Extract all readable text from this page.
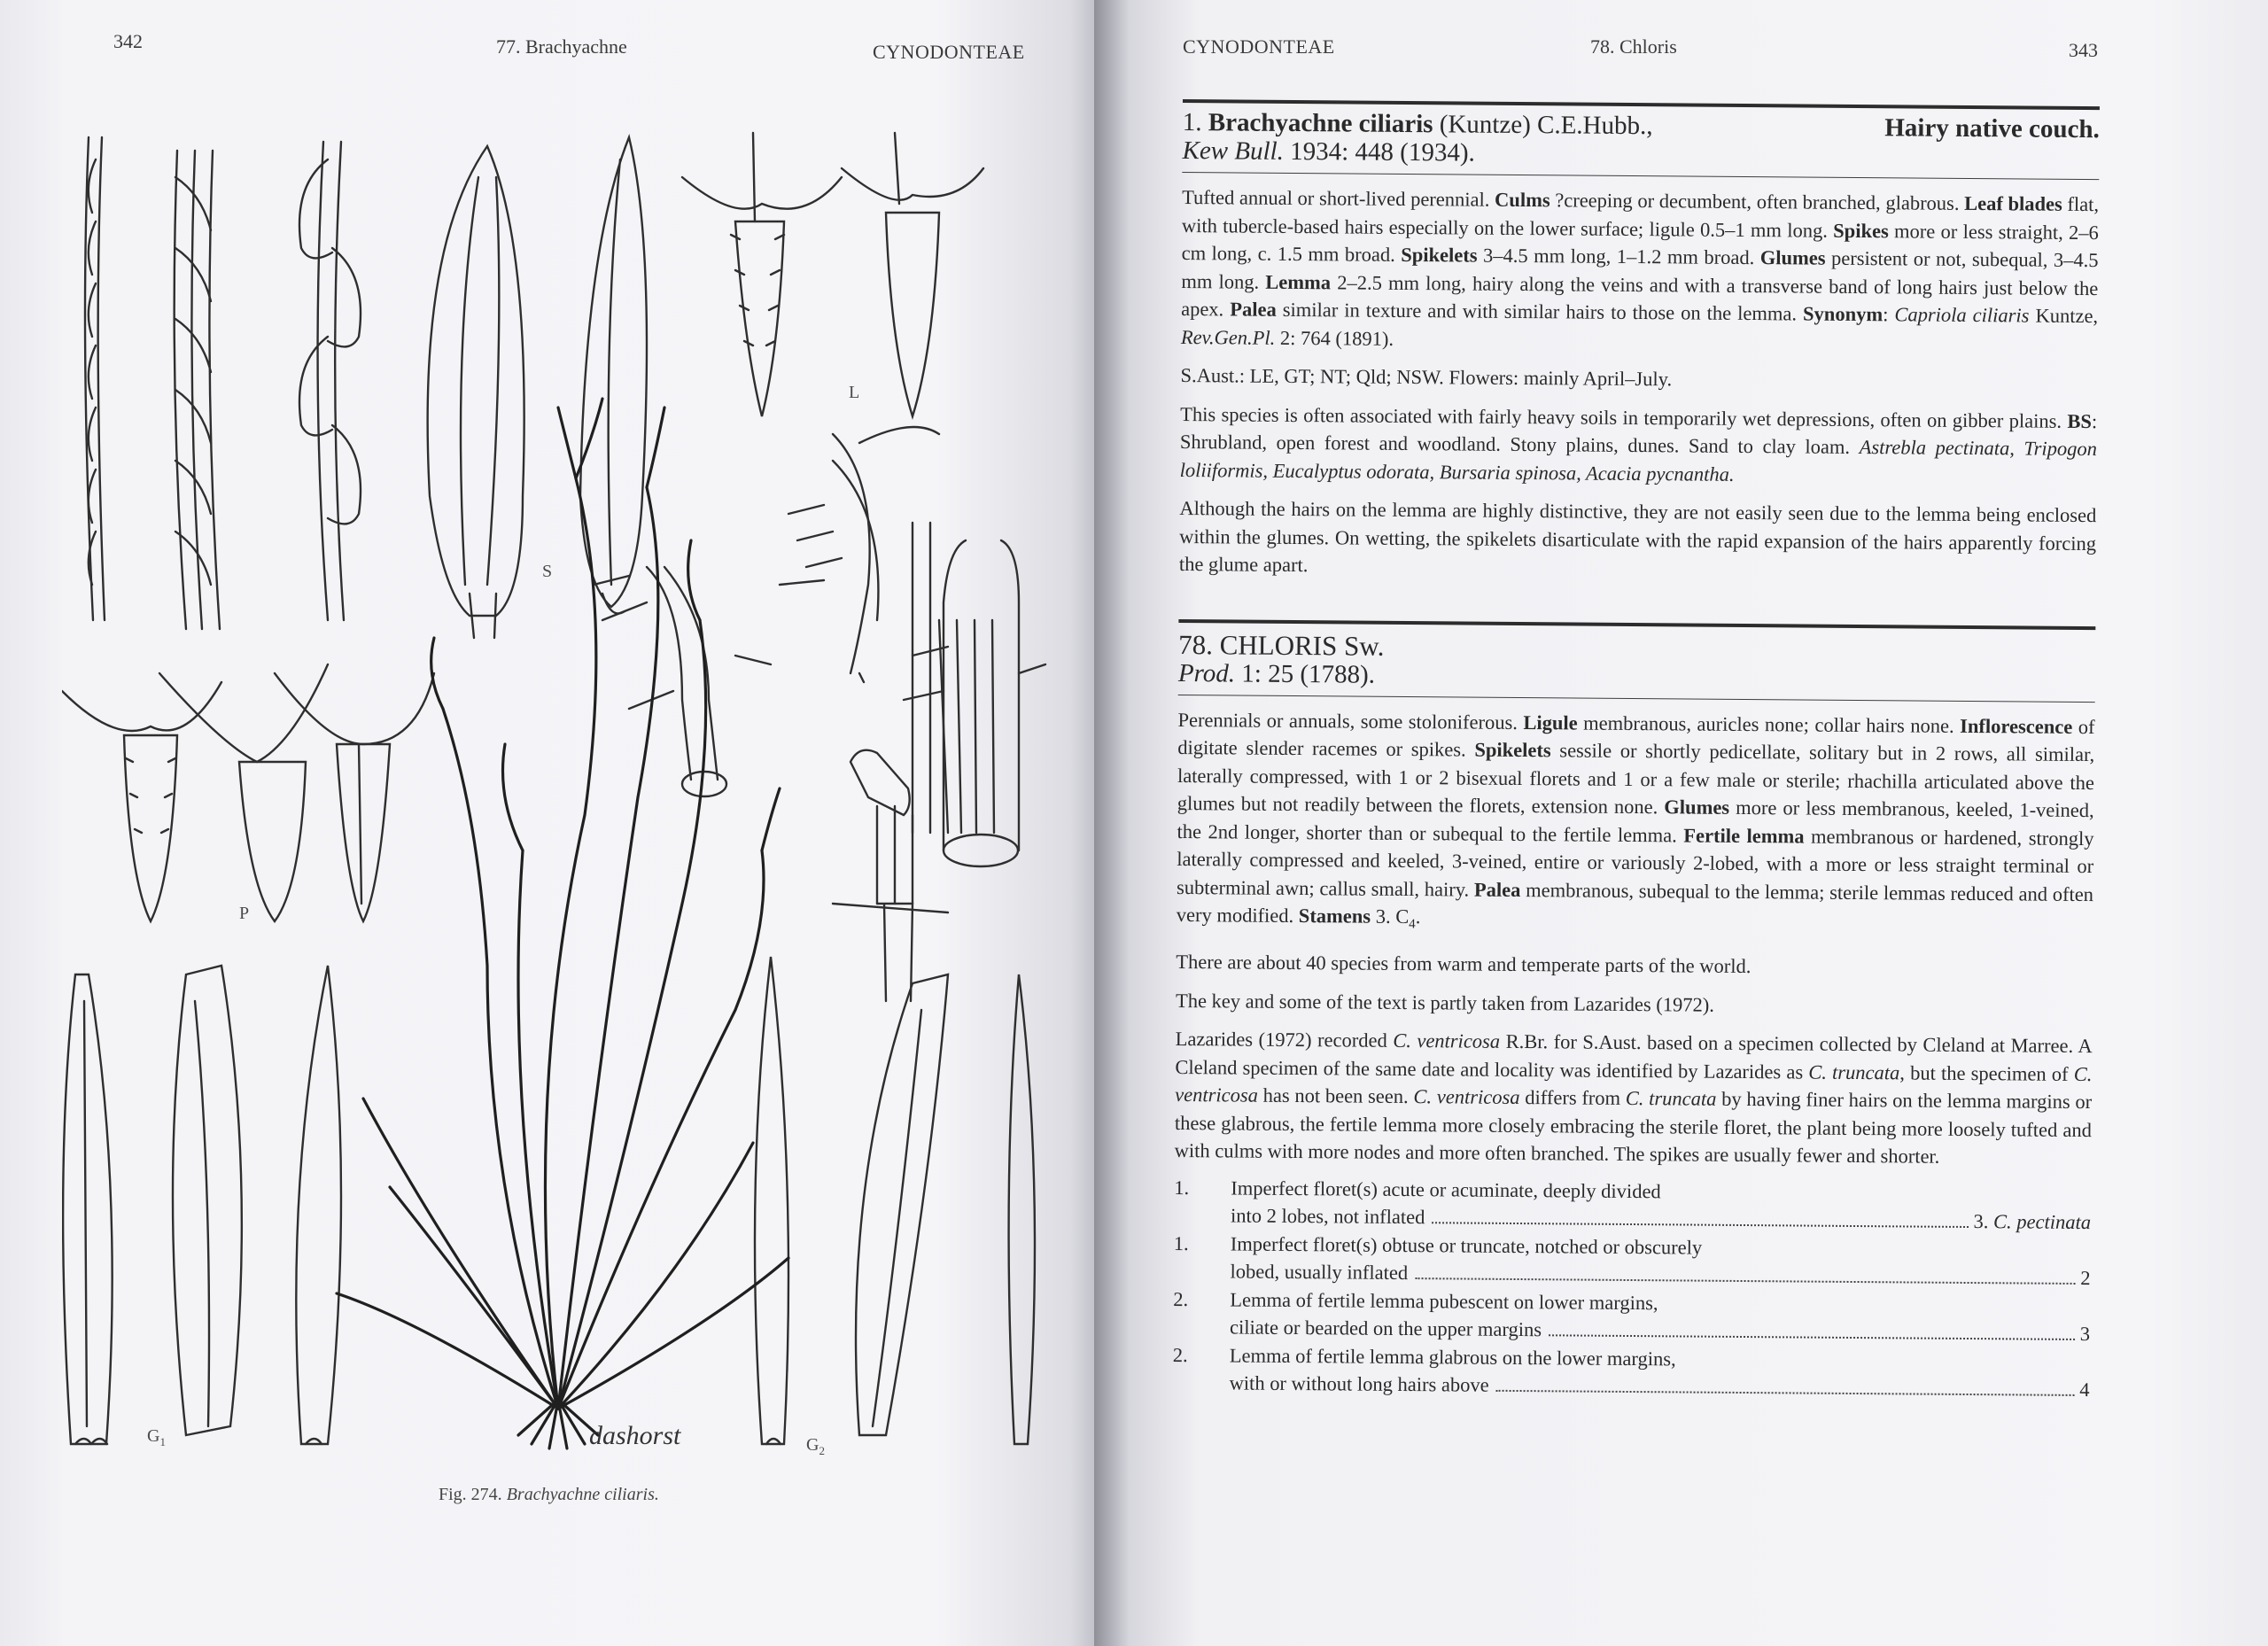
342	77. Brachyachne	CYNODONTEAE
dashorst
S
L
P
$G_1$	$G_2$
Fig. 274. Brachyachne ciliaris.
CYNODONTEAE	78. Chloris	343
1. Brachyachne ciliaris (Kuntze) C.E.Hubb.,	Hairy native couch.
Kew Bull. 1934: 448 (1934).

Tufted annual or short-lived perennial. Culms ?creeping or decumbent, often branched, glabrous. Leaf blades flat, with tubercle-based hairs especially on the lower surface; ligule 0.5–1 mm long. Spikes more or less straight, 2–6 cm long, c. 1.5 mm broad. Spikelets 3–4.5 mm long, 1–1.2 mm broad. Glumes persistent or not, subequal, 3–4.5 mm long. Lemma 2–2.5 mm long, hairy along the veins and with a transverse band of long hairs just below the apex. Palea similar in texture and with similar hairs to those on the lemma. Synonym: Capriola ciliaris Kuntze, Rev.Gen.Pl. 2: 764 (1891).

S.Aust.: LE, GT; NT; Qld; NSW. Flowers: mainly April–July.

This species is often associated with fairly heavy soils in temporarily wet depressions, often on gibber plains. BS: Shrubland, open forest and woodland. Stony plains, dunes. Sand to clay loam. Astrebla pectinata, Tripogon loliiformis, Eucalyptus odorata, Bursaria spinosa, Acacia pycnantha.

Although the hairs on the lemma are highly distinctive, they are not easily seen due to the lemma being enclosed within the glumes. On wetting, the spikelets disarticulate with the rapid expansion of the hairs apparently forcing the glume apart.

78. CHLORIS Sw.
Prod. 1: 25 (1788).

Perennials or annuals, some stoloniferous. Ligule membranous, auricles none; collar hairs none. Inflorescence of digitate slender racemes or spikes. Spikelets sessile or shortly pedicellate, solitary but in 2 rows, all similar, laterally compressed, with 1 or 2 bisexual florets and 1 or a few male or sterile; rhachilla articulated above the glumes but not readily between the florets, extension none. Glumes more or less membranous, keeled, 1-veined, the 2nd longer, shorter than or subequal to the fertile lemma. Fertile lemma membranous or hardened, strongly laterally compressed and keeled, 3-veined, entire or variously 2-lobed, with a more or less straight terminal or subterminal awn; callus small, hairy. Palea membranous, subequal to the lemma; sterile lemmas reduced and often very modified. Stamens 3. $C_4$.

There are about 40 species from warm and temperate parts of the world.

The key and some of the text is partly taken from Lazarides (1972).

Lazarides (1972) recorded C. ventricosa R.Br. for S.Aust. based on a specimen collected by Cleland at Marree. A Cleland specimen of the same date and locality was identified by Lazarides as C. truncata, but the specimen of C. ventricosa has not been seen. C. ventricosa differs from C. truncata by having finer hairs on the lemma margins or these glabrous, the fertile lemma more closely embracing the sterile floret, the plant being more loosely tufted and with culms with more nodes and more often branched. The spikes are usually fewer and shorter.

1.	Imperfect floret(s) acute or acuminate, deeply divided
into 2 lobes, not inflated	3. C. pectinata
1.	Imperfect floret(s) obtuse or truncate, notched or obscurely
lobed, usually inflated	2
2.	Lemma of fertile lemma pubescent on lower margins,
ciliate or bearded on the upper margins	3
2.	Lemma of fertile lemma glabrous on the lower margins,
with or without long hairs above	4
